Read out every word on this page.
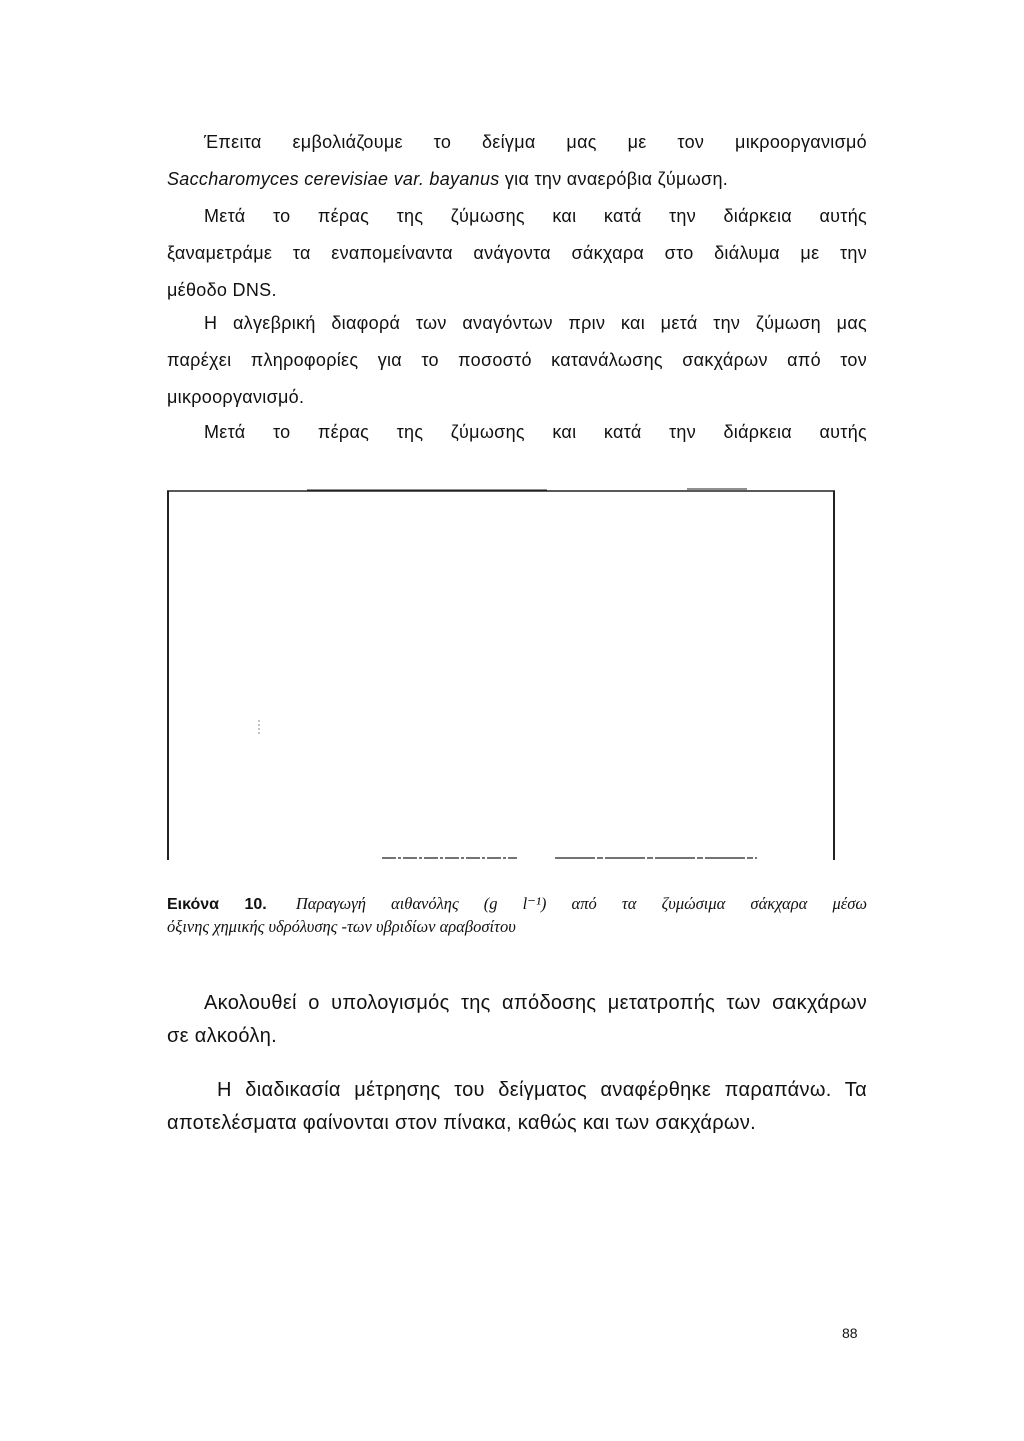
Έπειτα εμβολιάζουμε το δείγμα μας με τον μικροοργανισμό
Saccharomyces cerevisiae var. bayanus για την αναερόβια ζύμωση.
Μετά το πέρας της ζύμωσης και κατά την διάρκεια αυτής
ξαναμετράμε τα εναπομείναντα ανάγοντα σάκχαρα στο διάλυμα με την
μέθοδο DNS.
Η αλγεβρική διαφορά των αναγόντων πριν και μετά την ζύμωση μας
παρέχει πληροφορίες για το ποσοστό κατανάλωσης σακχάρων από τον
μικροοργανισμό.
Μετά το πέρας της ζύμωσης και κατά την διάρκεια αυτής
Εικόνα 10. Παραγωγή αιθανόλης (g l⁻¹) από τα ζυμώσιμα σάκχαρα μέσω
όξινης χημικής υδρόλυσης -των υβριδίων αραβοσίτου
Ακολουθεί ο υπολογισμός της απόδοσης μετατροπής των σακχάρων
σε αλκοόλη.
Η διαδικασία μέτρησης του δείγματος αναφέρθηκε παραπάνω. Τα
αποτελέσματα φαίνονται στον πίνακα, καθώς και των σακχάρων.
88
